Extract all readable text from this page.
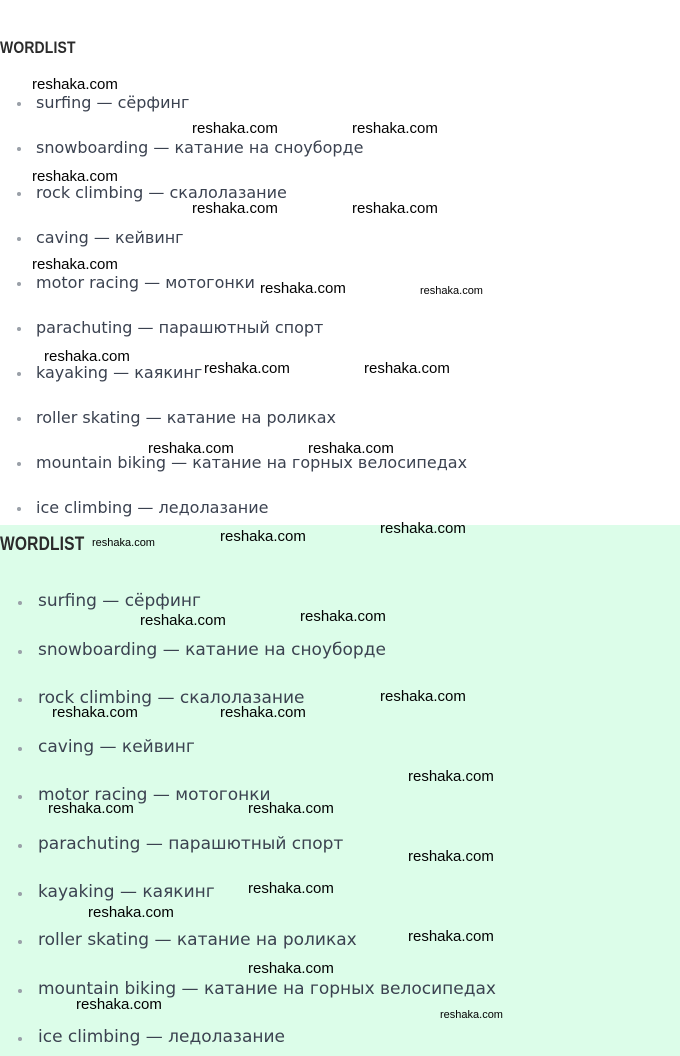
WORDLIST
surfing — сёрфинг
snowboarding — катание на сноуборде
rock climbing — скалолазание
caving — кейвинг
motor racing — мотогонки
parachuting — парашютный спорт
kayaking — каякинг
roller skating — катание на роликах
mountain biking — катание на горных велосипедах
ice climbing — ледолазание
WORDLIST
surfing — сёрфинг
snowboarding — катание на сноуборде
rock climbing — скалолазание
caving — кейвинг
motor racing — мотогонки
parachuting — парашютный спорт
kayaking — каякинг
roller skating — катание на роликах
mountain biking — катание на горных велосипедах
ice climbing — ледолазание
reshaka.com
reshaka.com	reshaka.com
reshaka.com
reshaka.com	reshaka.com
reshaka.com
reshaka.com	reshaka.com
reshaka.com
reshaka.com	reshaka.com
reshaka.com	reshaka.com
reshaka.com
reshaka.com	reshaka.com
reshaka.com
reshaka.com
reshaka.com
reshaka.com	reshaka.com
reshaka.com
reshaka.com	reshaka.com
reshaka.com
reshaka.com
reshaka.com
reshaka.com
reshaka.com
reshaka.com
reshaka.com
